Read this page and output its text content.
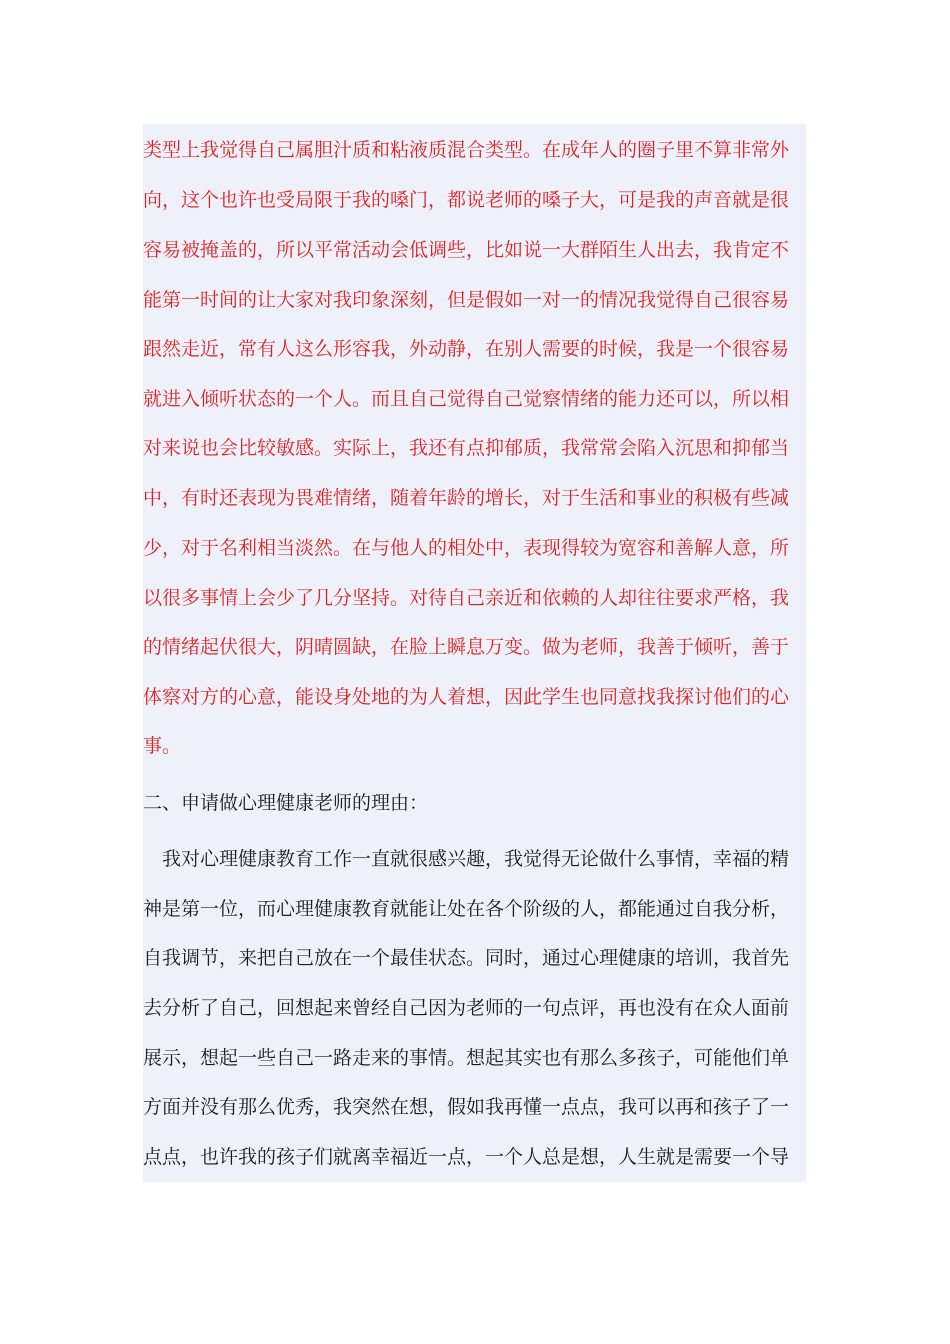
类型上我觉得自己属胆汁质和粘液质混合类型。在成年人的圈子里不算非常外
向，这个也许也受局限于我的嗓门，都说老师的嗓子大，可是我的声音就是很
容易被掩盖的，所以平常活动会低调些，比如说一大群陌生人出去，我肯定不
能第一时间的让大家对我印象深刻，但是假如一对一的情况我觉得自己很容易
跟然走近，常有人这么形容我，外动静，在别人需要的时候，我是一个很容易
就进入倾听状态的一个人。而且自己觉得自己觉察情绪的能力还可以，所以相
对来说也会比较敏感。实际上，我还有点抑郁质，我常常会陷入沉思和抑郁当
中，有时还表现为畏难情绪，随着年龄的增长，对于生活和事业的积极有些减
少，对于名利相当淡然。在与他人的相处中，表现得较为宽容和善解人意，所
以很多事情上会少了几分坚持。对待自己亲近和依赖的人却往往要求严格，我
的情绪起伏很大，阴晴圆缺，在脸上瞬息万变。做为老师，我善于倾听，善于
体察对方的心意，能设身处地的为人着想，因此学生也同意找我探讨他们的心
事。
二、申请做心理健康老师的理由：
　我对心理健康教育工作一直就很感兴趣，我觉得无论做什么事情，幸福的精
神是第一位，而心理健康教育就能让处在各个阶级的人，都能通过自我分析，
自我调节，来把自己放在一个最佳状态。同时，通过心理健康的培训，我首先
去分析了自己，回想起来曾经自己因为老师的一句点评，再也没有在众人面前
展示，想起一些自己一路走来的事情。想起其实也有那么多孩子，可能他们单
方面并没有那么优秀，我突然在想，假如我再懂一点点，我可以再和孩子了一
点点，也许我的孩子们就离幸福近一点，一个人总是想，人生就是需要一个导
